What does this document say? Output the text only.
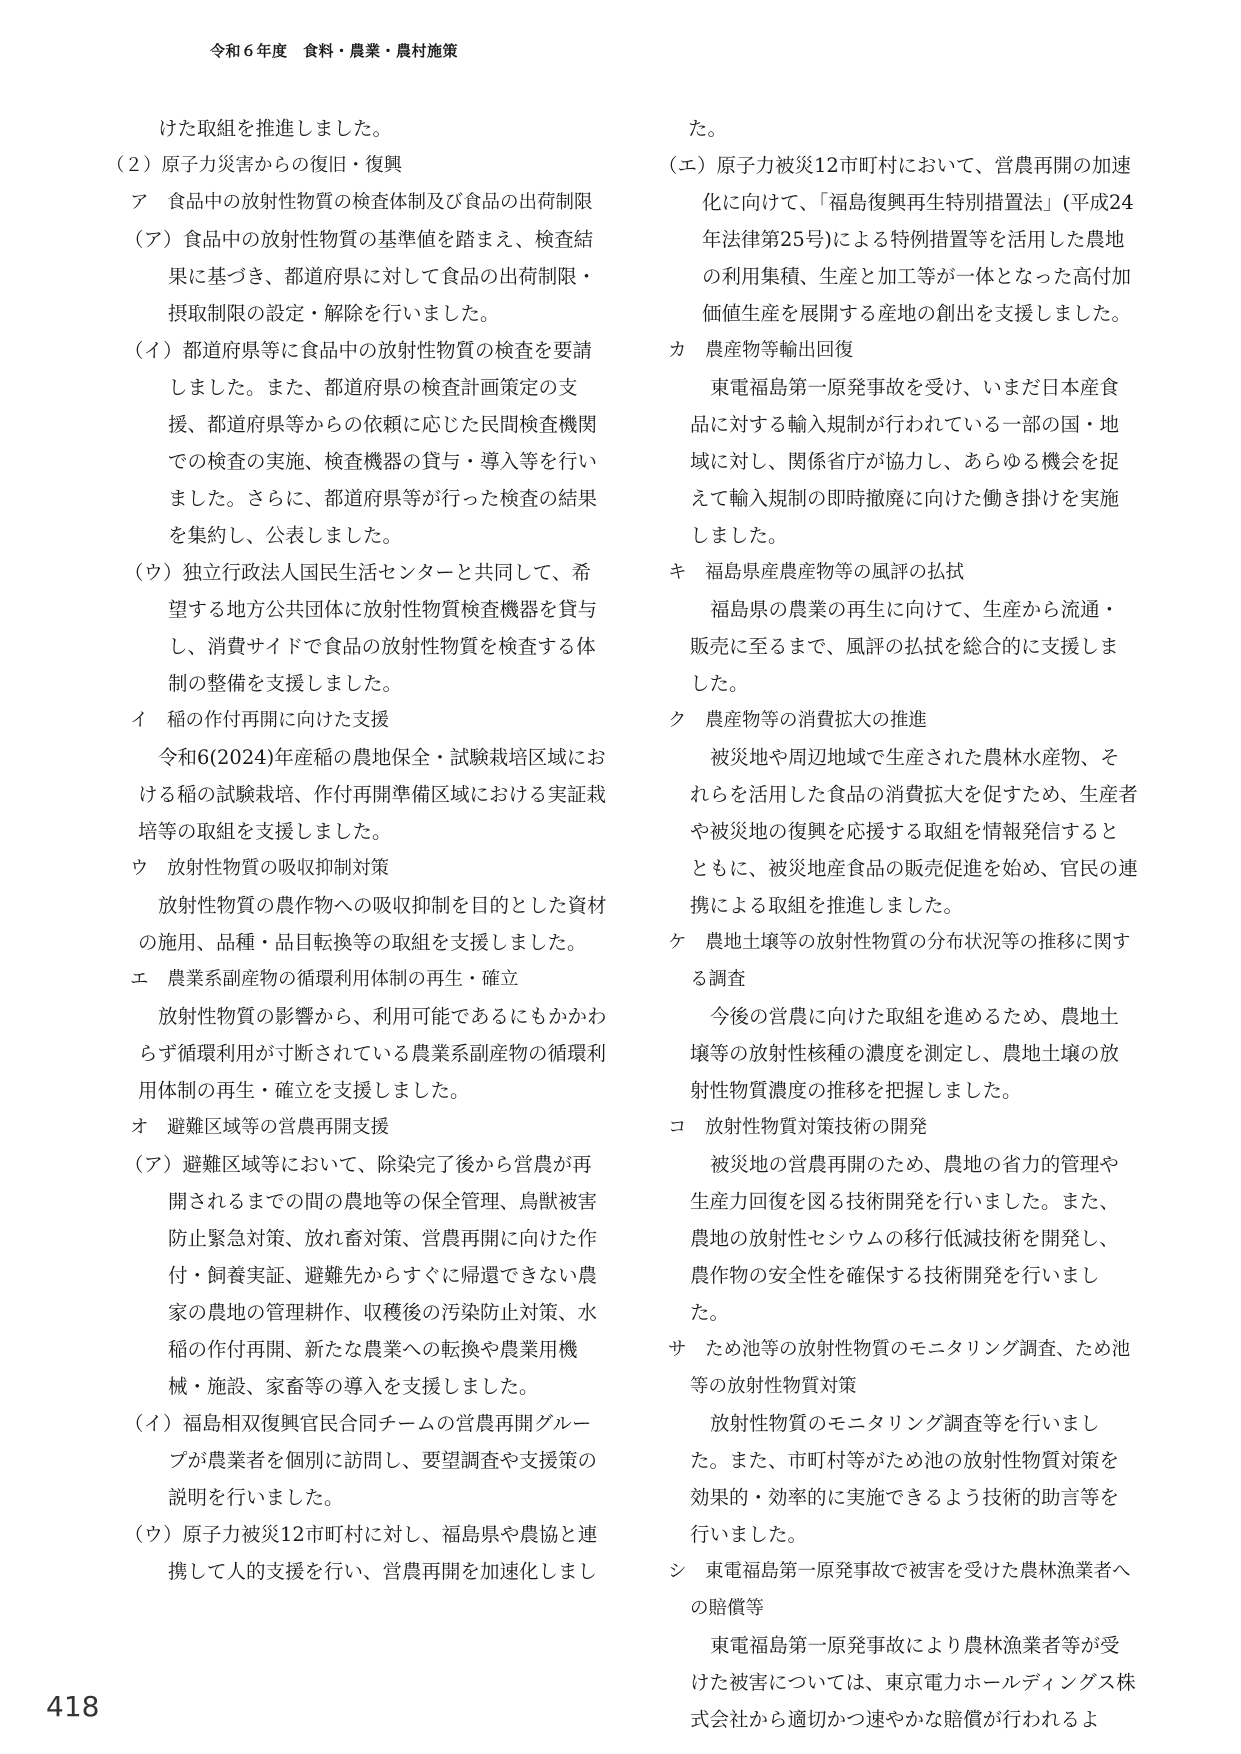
令和６年度　食料・農業・農村施策

けた取組を推進しました。

（２）原子力災害からの復旧・復興

ア　食品中の放射性物質の検査体制及び食品の出荷制限

（ア）食品中の放射性物質の基準値を踏まえ、検査結果に基づき、都道府県に対して食品の出荷制限・摂取制限の設定・解除を行いました。

（イ）都道府県等に食品中の放射性物質の検査を要請しました。また、都道府県の検査計画策定の支援、都道府県等からの依頼に応じた民間検査機関での検査の実施、検査機器の貸与・導入等を行いました。さらに、都道府県等が行った検査の結果を集約し、公表しました。

（ウ）独立行政法人国民生活センターと共同して、希望する地方公共団体に放射性物質検査機器を貸与し、消費サイドで食品の放射性物質を検査する体制の整備を支援しました。

イ　稲の作付再開に向けた支援

令和6(2024)年産稲の農地保全・試験栽培区域における稲の試験栽培、作付再開準備区域における実証栽培等の取組を支援しました。

ウ　放射性物質の吸収抑制対策

放射性物質の農作物への吸収抑制を目的とした資材の施用、品種・品目転換等の取組を支援しました。

エ　農業系副産物の循環利用体制の再生・確立

放射性物質の影響から、利用可能であるにもかかわらず循環利用が寸断されている農業系副産物の循環利用体制の再生・確立を支援しました。

オ　避難区域等の営農再開支援

（ア）避難区域等において、除染完了後から営農が再開されるまでの間の農地等の保全管理、鳥獣被害防止緊急対策、放れ畜対策、営農再開に向けた作付・飼養実証、避難先からすぐに帰還できない農家の農地の管理耕作、収穫後の汚染防止対策、水稲の作付再開、新たな農業への転換や農業用機械・施設、家畜等の導入を支援しました。

（イ）福島相双復興官民合同チームの営農再開グループが農業者を個別に訪問し、要望調査や支援策の説明を行いました。

（ウ）原子力被災12市町村に対し、福島県や農協と連携して人的支援を行い、営農再開を加速化しまし

た。

（エ）原子力被災12市町村において、営農再開の加速化に向けて、「福島復興再生特別措置法」(平成24年法律第25号)による特例措置等を活用した農地の利用集積、生産と加工等が一体となった高付加価値生産を展開する産地の創出を支援しました。

カ　農産物等輸出回復

東電福島第一原発事故を受け、いまだ日本産食品に対する輸入規制が行われている一部の国・地域に対し、関係省庁が協力し、あらゆる機会を捉えて輸入規制の即時撤廃に向けた働き掛けを実施しました。

キ　福島県産農産物等の風評の払拭

福島県の農業の再生に向けて、生産から流通・販売に至るまで、風評の払拭を総合的に支援しました。

ク　農産物等の消費拡大の推進

被災地や周辺地域で生産された農林水産物、それらを活用した食品の消費拡大を促すため、生産者や被災地の復興を応援する取組を情報発信するとともに、被災地産食品の販売促進を始め、官民の連携による取組を推進しました。

ケ　農地土壌等の放射性物質の分布状況等の推移に関する調査

今後の営農に向けた取組を進めるため、農地土壌等の放射性核種の濃度を測定し、農地土壌の放射性物質濃度の推移を把握しました。

コ　放射性物質対策技術の開発

被災地の営農再開のため、農地の省力的管理や生産力回復を図る技術開発を行いました。また、農地の放射性セシウムの移行低減技術を開発し、農作物の安全性を確保する技術開発を行いました。

サ　ため池等の放射性物質のモニタリング調査、ため池等の放射性物質対策

放射性物質のモニタリング調査等を行いました。また、市町村等がため池の放射性物質対策を効果的・効率的に実施できるよう技術的助言等を行いました。

シ　東電福島第一原発事故で被害を受けた農林漁業者への賠償等

東電福島第一原発事故により農林漁業者等が受けた被害については、東京電力ホールディングス株式会社から適切かつ速やかな賠償が行われるよ

418
